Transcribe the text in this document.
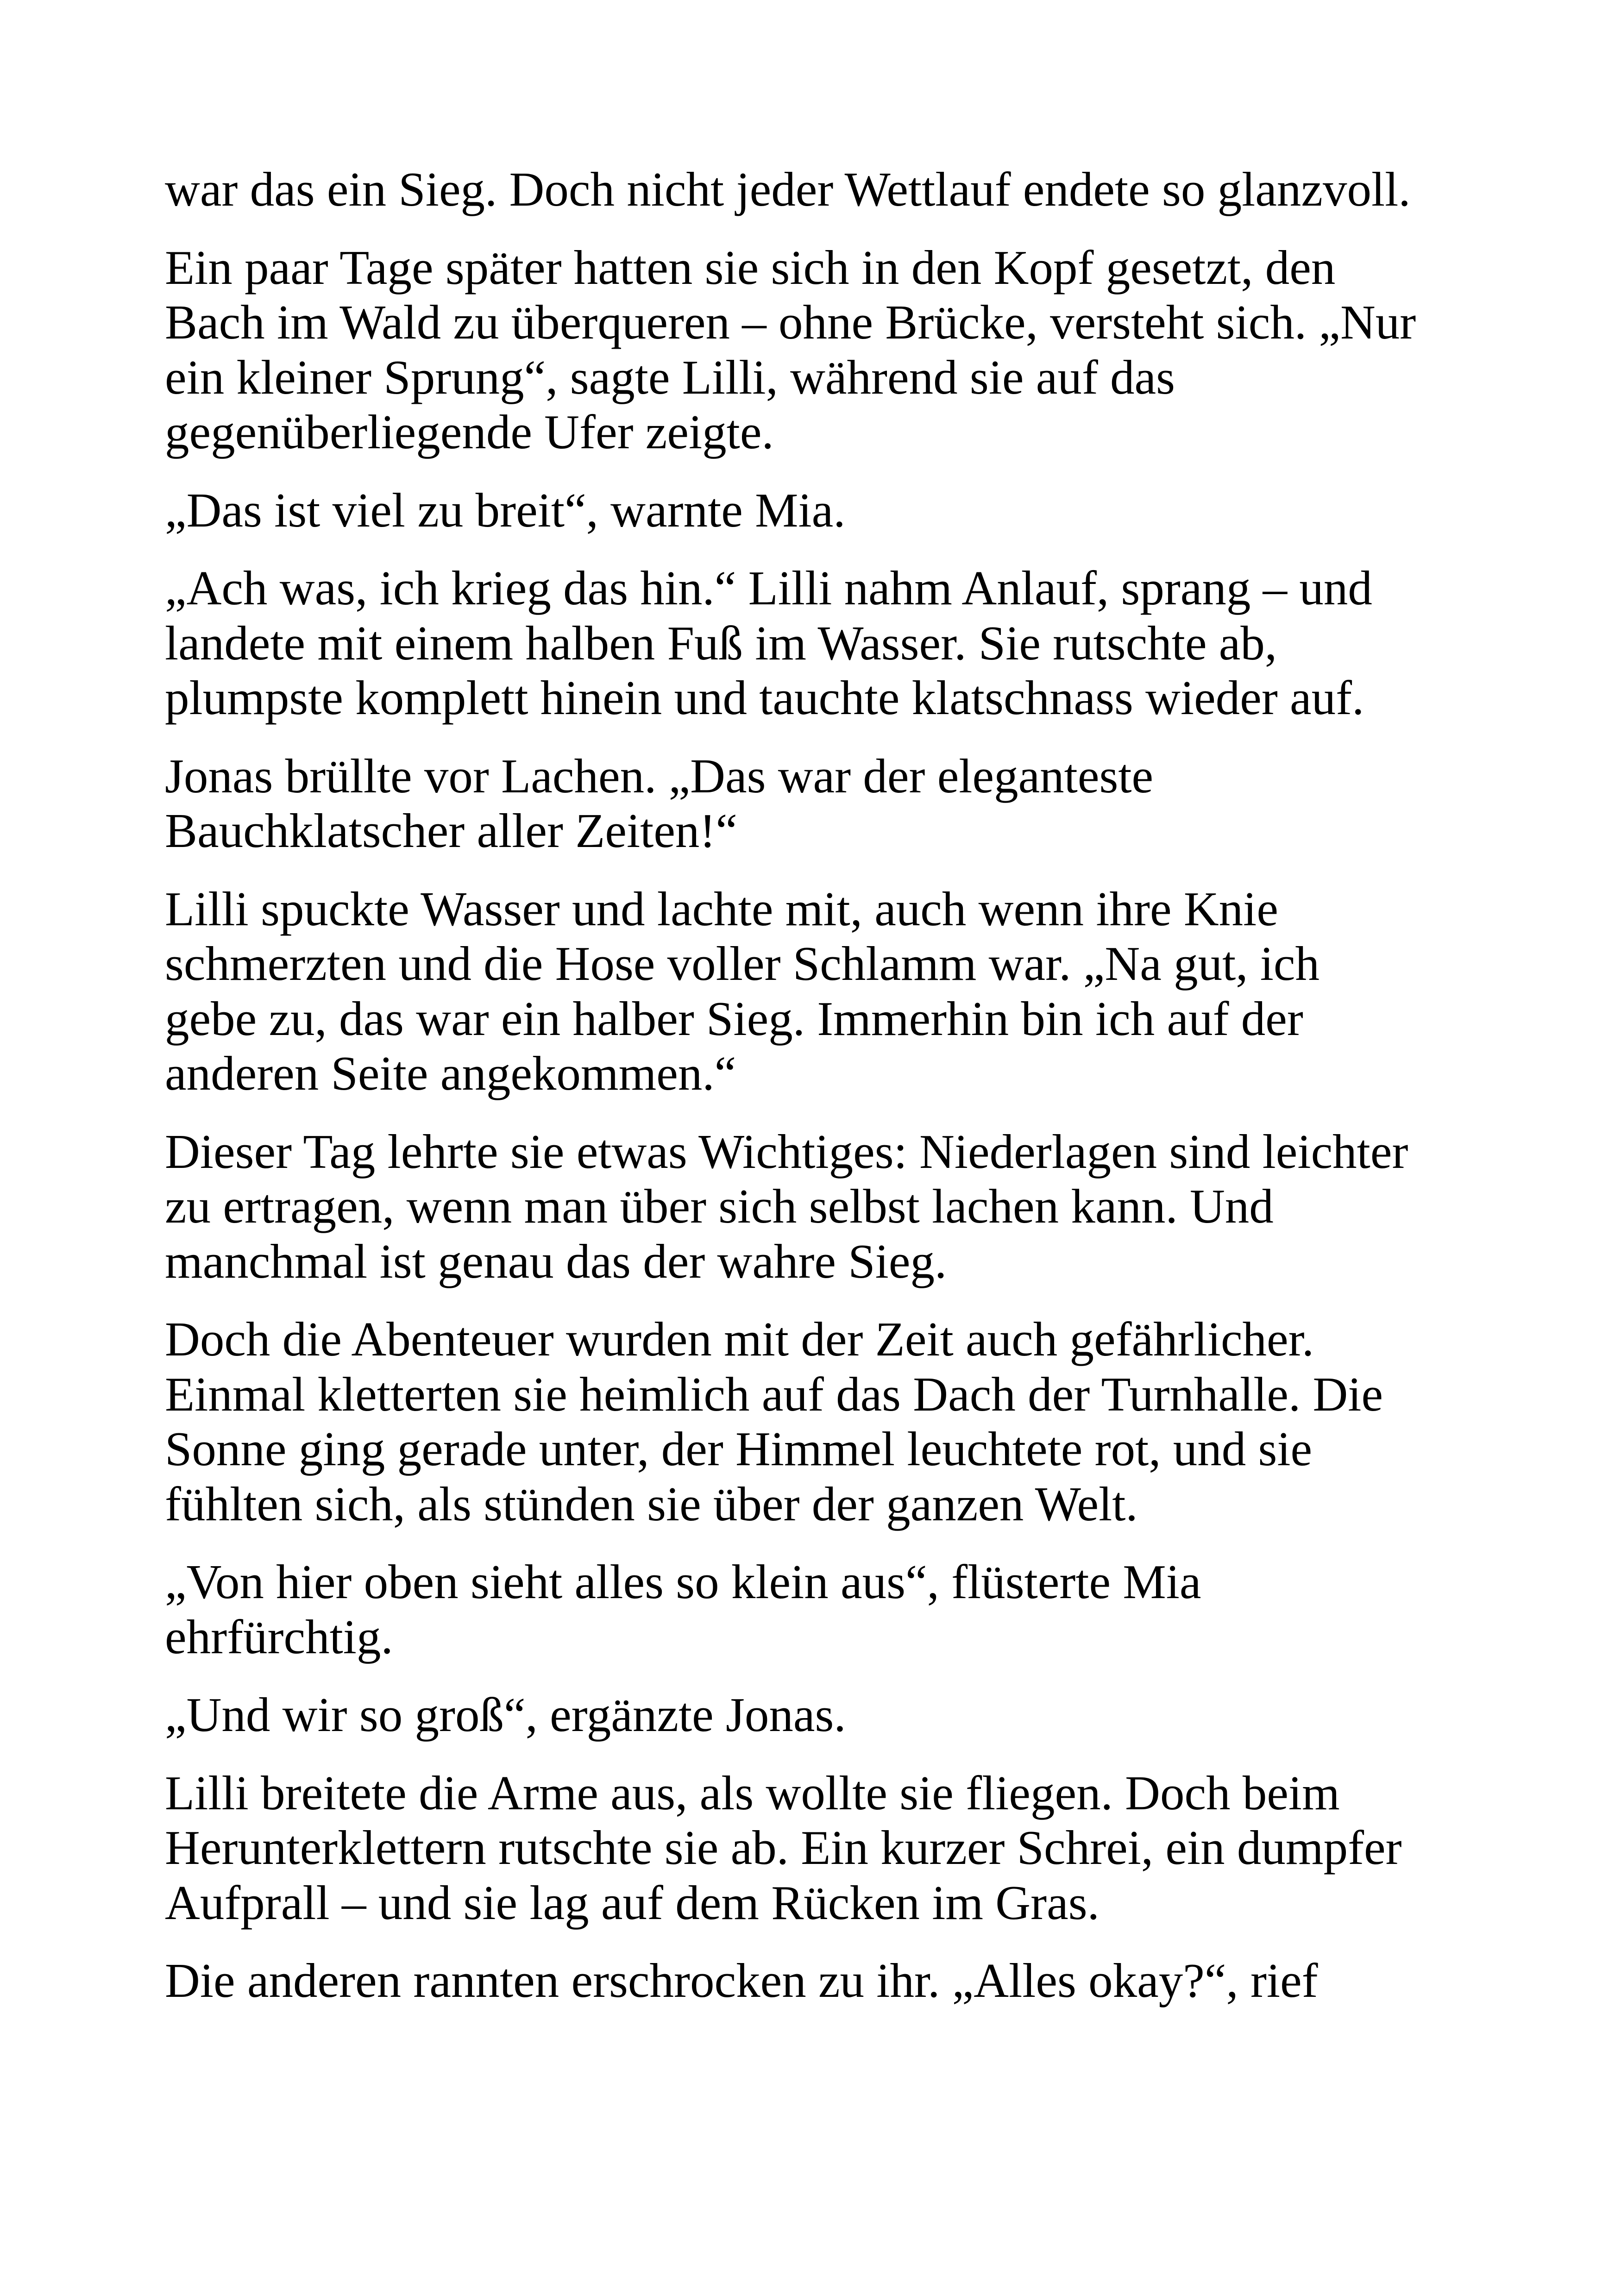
war das ein Sieg. Doch nicht jeder Wettlauf endete so glanzvoll.

Ein paar Tage später hatten sie sich in den Kopf gesetzt, den
Bach im Wald zu überqueren – ohne Brücke, versteht sich. „Nur
ein kleiner Sprung“, sagte Lilli, während sie auf das
gegenüberliegende Ufer zeigte.

„Das ist viel zu breit“, warnte Mia.

„Ach was, ich krieg das hin.“ Lilli nahm Anlauf, sprang – und
landete mit einem halben Fuß im Wasser. Sie rutschte ab,
plumpste komplett hinein und tauchte klatschnass wieder auf.

Jonas brüllte vor Lachen. „Das war der eleganteste
Bauchklatscher aller Zeiten!“

Lilli spuckte Wasser und lachte mit, auch wenn ihre Knie
schmerzten und die Hose voller Schlamm war. „Na gut, ich
gebe zu, das war ein halber Sieg. Immerhin bin ich auf der
anderen Seite angekommen.“

Dieser Tag lehrte sie etwas Wichtiges: Niederlagen sind leichter
zu ertragen, wenn man über sich selbst lachen kann. Und
manchmal ist genau das der wahre Sieg.

Doch die Abenteuer wurden mit der Zeit auch gefährlicher.
Einmal kletterten sie heimlich auf das Dach der Turnhalle. Die
Sonne ging gerade unter, der Himmel leuchtete rot, und sie
fühlten sich, als stünden sie über der ganzen Welt.

„Von hier oben sieht alles so klein aus“, flüsterte Mia
ehrfürchtig.

„Und wir so groß“, ergänzte Jonas.

Lilli breitete die Arme aus, als wollte sie fliegen. Doch beim
Herunterklettern rutschte sie ab. Ein kurzer Schrei, ein dumpfer
Aufprall – und sie lag auf dem Rücken im Gras.

Die anderen rannten erschrocken zu ihr. „Alles okay?“, rief
